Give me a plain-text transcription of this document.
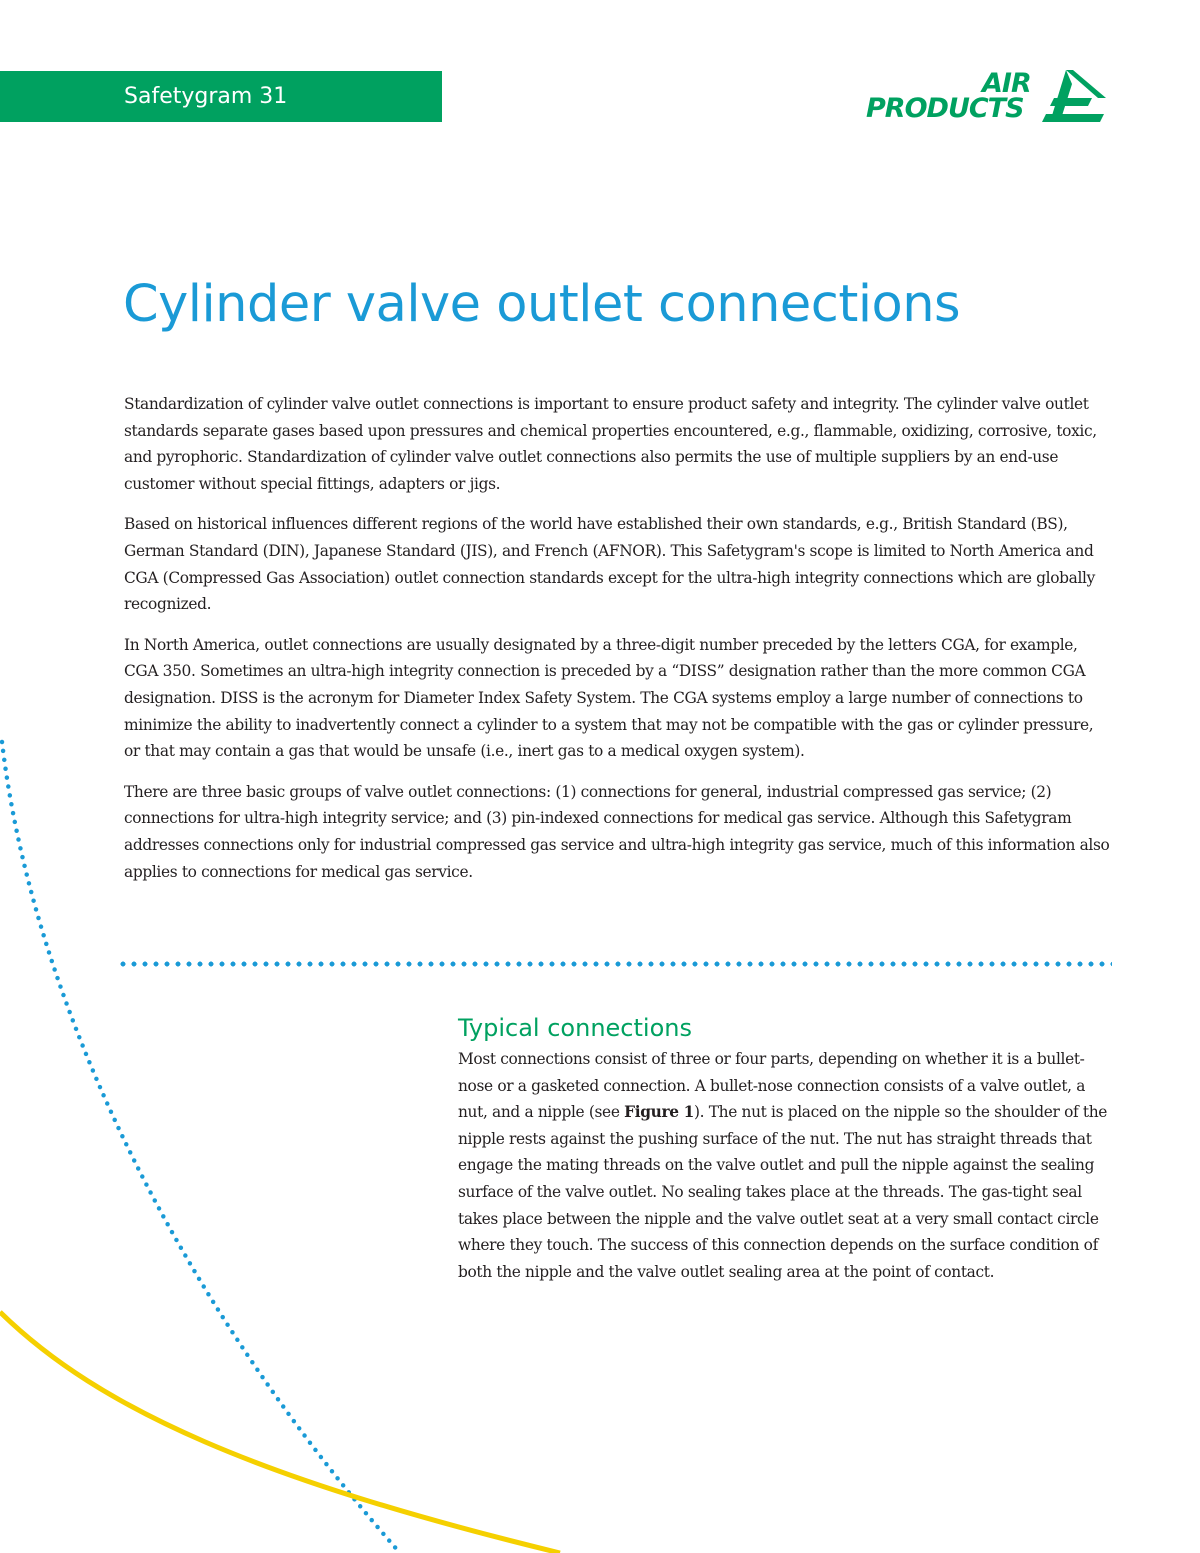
Safetygram 31	AIR
PRODUCTS
Cylinder valve outlet connections

Standardization of cylinder valve outlet connections is important to ensure product safety and integrity. The cylinder valve outlet standards separate gases based upon pressures and chemical properties encountered, e.g., flammable, oxidizing, corrosive, toxic, and pyrophoric. Standardization of cylinder valve outlet connections also permits the use of multiple suppliers by an end-use customer without special fittings, adapters or jigs.

Based on historical influences different regions of the world have established their own standards, e.g., British Standard (BS), German Standard (DIN), Japanese Standard (JIS), and French (AFNOR). This Safetygram's scope is limited to North America and CGA (Compressed Gas Association) outlet connection standards except for the ultra-high integrity connections which are globally recognized.

In North America, outlet connections are usually designated by a three-digit number preceded by the letters CGA, for example, CGA 350. Sometimes an ultra-high integrity connection is preceded by a “DISS” designation rather than the more common CGA designation. DISS is the acronym for Diameter Index Safety System. The CGA systems employ a large number of connections to minimize the ability to inadvertently connect a cylinder to a system that may not be compatible with the gas or cylinder pressure, or that may contain a gas that would be unsafe (i.e., inert gas to a medical oxygen system).

There are three basic groups of valve outlet connections: (1) connections for general, industrial compressed gas service; (2) connections for ultra-high integrity service; and (3) pin-indexed connections for medical gas service. Although this Safetygram addresses connections only for industrial compressed gas service and ultra-high integrity gas service, much of this information also applies to connections for medical gas service.

Typical connections

Most connections consist of three or four parts, depending on whether it is a bullet-nose or a gasketed connection. A bullet-nose connection consists of a valve outlet, a nut, and a nipple (see Figure 1). The nut is placed on the nipple so the shoulder of the nipple rests against the pushing surface of the nut. The nut has straight threads that engage the mating threads on the valve outlet and pull the nipple against the sealing surface of the valve outlet. No sealing takes place at the threads. The gas-tight seal takes place between the nipple and the valve outlet seat at a very small contact circle where they touch. The success of this connection depends on the surface condition of both the nipple and the valve outlet sealing area at the point of contact.
